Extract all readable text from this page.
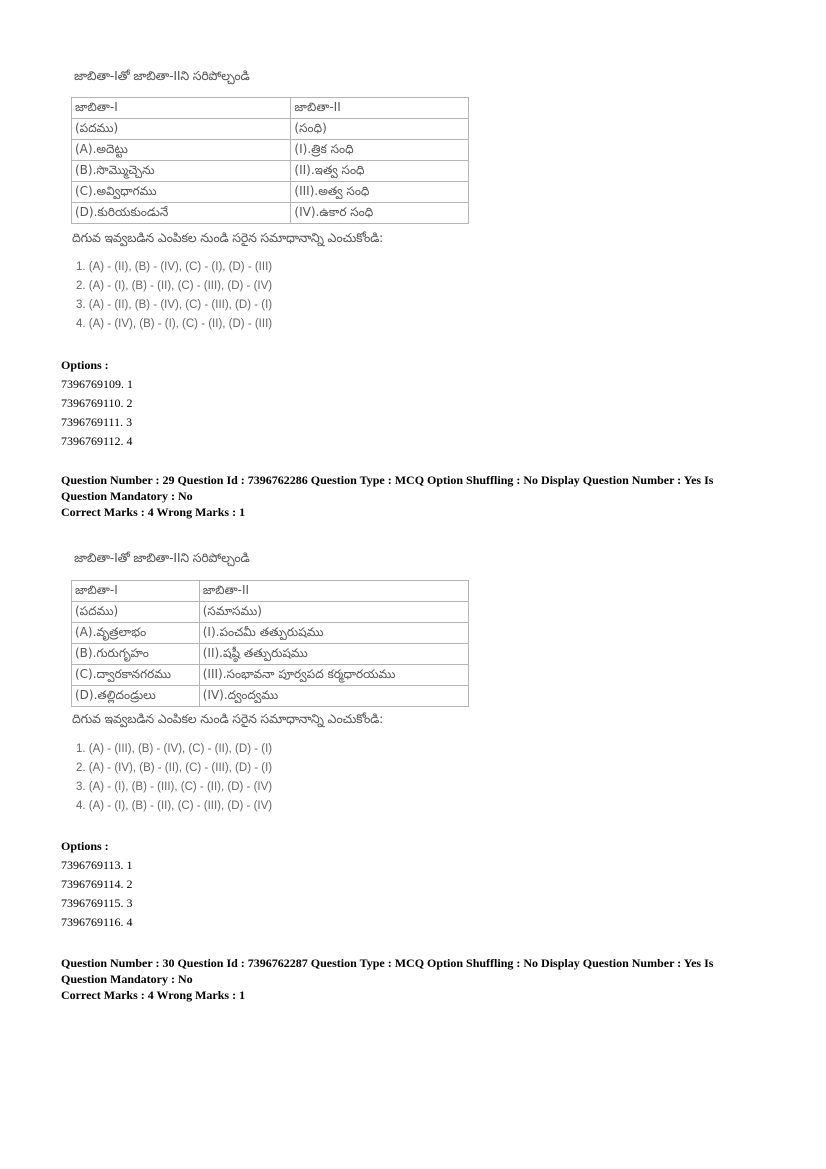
జాబితా-Iతో జాబితా-IIని సరిపోల్చండి
జాబితా-I	జాబితా-II
(పదము)	(సంధి)
(A).అదెట్టు	(I).త్రిక సంధి
(B).సొమ్మొచ్చెను	(II).ఇత్వ సంధి
(C).అవ్విధాగము	(III).అత్వ సంధి
(D).కురియకుండునే	(IV).ఉకార సంధి
దిగువ ఇవ్వబడిన ఎంపికల నుండి సరైన సమాధానాన్ని ఎంచుకోండి:
1. (A) - (II), (B) - (IV), (C) - (I), (D) - (III)
2. (A) - (I), (B) - (II), (C) - (III), (D) - (IV)
3. (A) - (II), (B) - (IV), (C) - (III), (D) - (I)
4. (A) - (IV), (B) - (I), (C) - (II), (D) - (III)
Options :
7396769109. 1
7396769110. 2
7396769111. 3
7396769112. 4
Question Number : 29 Question Id : 7396762286 Question Type : MCQ Option Shuffling : No Display Question Number : Yes Is
Question Mandatory : No
Correct Marks : 4 Wrong Marks : 1
జాబితా-Iతో జాబితా-IIని సరిపోల్చండి
జాబితా-I	జాబితా-II
(పదము)	(సమాసము)
(A).వృత్రలాభం	(I).పంచమీ తత్పురుషము
(B).గురుగృహం	(II).షష్ఠీ తత్పురుషము
(C).ద్వారకానగరము	(III).సంభావనా పూర్వపద కర్మధారయము
(D).తల్లిదండ్రులు	(IV).ద్వంద్వము
దిగువ ఇవ్వబడిన ఎంపికల నుండి సరైన సమాధానాన్ని ఎంచుకోండి:
1. (A) - (III), (B) - (IV), (C) - (II), (D) - (I)
2. (A) - (IV), (B) - (II), (C) - (III), (D) - (I)
3. (A) - (I), (B) - (III), (C) - (II), (D) - (IV)
4. (A) - (I), (B) - (II), (C) - (III), (D) - (IV)
Options :
7396769113. 1
7396769114. 2
7396769115. 3
7396769116. 4
Question Number : 30 Question Id : 7396762287 Question Type : MCQ Option Shuffling : No Display Question Number : Yes Is
Question Mandatory : No
Correct Marks : 4 Wrong Marks : 1
